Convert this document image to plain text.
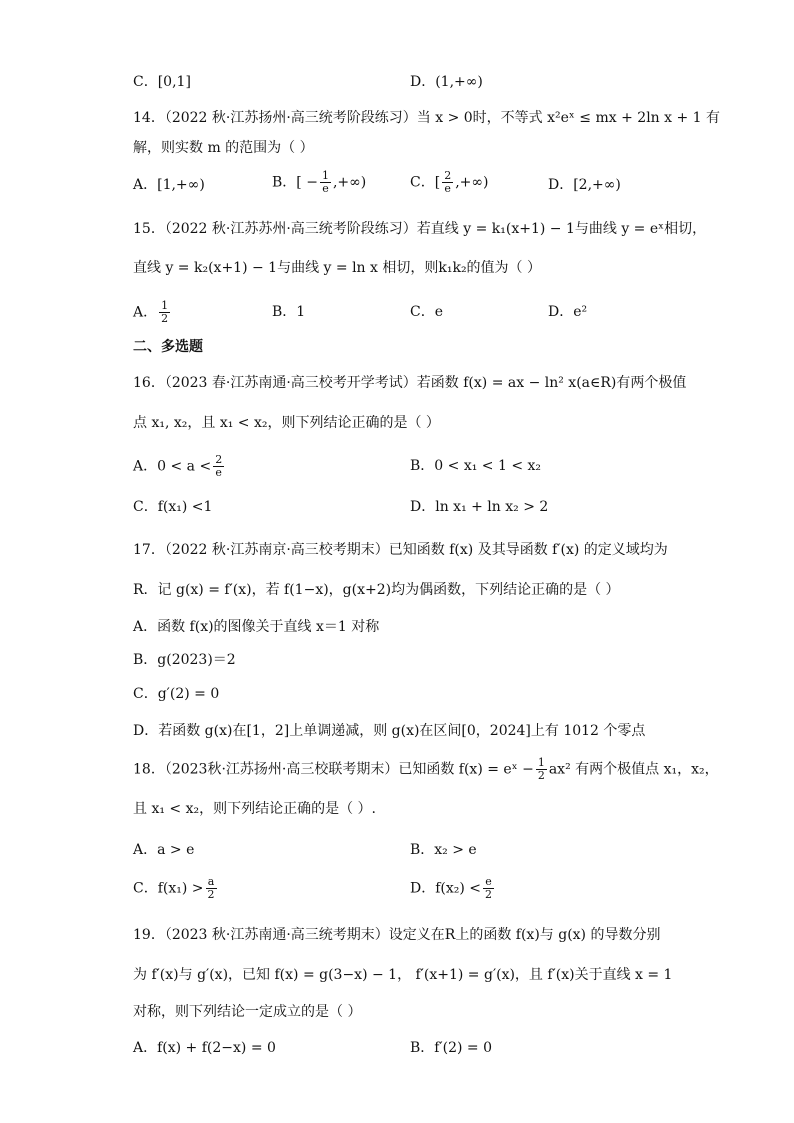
C．[0,1]	D．(1,+∞)
14．（2022 秋·江苏扬州·高三统考阶段练习）当 x > 0时，不等式 x²eˣ ≤ mx + 2ln x + 1 有
解，则实数 m 的范围为（ ）
A．[1,+∞)	B．[ − $\frac{1}{e}$ ,+∞)	C．[ $\frac{2}{e}$ ,+∞)	D．[2,+∞)
15．（2022 秋·江苏苏州·高三统考阶段练习）若直线 y = k₁(x+1) − 1与曲线 y = eˣ相切，
直线 y = k₂(x+1) − 1与曲线 y = ln x 相切，则k₁k₂的值为（ ）
A． $\frac{1}{2}$	B．1	C．e	D．e²
二、多选题
16．（2023 春·江苏南通·高三校考开学考试）若函数 f(x) = ax − ln² x(a∈R)有两个极值
点 x₁, x₂，且 x₁ < x₂，则下列结论正确的是（ ）
A．$0 < a < \frac{2}{e}$	B．0 < x₁ < 1 < x₂
C．f(x₁) <1	D．ln x₁ + ln x₂ > 2
17．（2022 秋·江苏南京·高三校考期末）已知函数 f(x) 及其导函数 f′(x) 的定义域均为
R．记 g(x) = f′(x)，若 f(1−x)，g(x+2)均为偶函数，下列结论正确的是（ ）
A．函数 f(x)的图像关于直线 x＝1 对称
B．g(2023)＝2
C．g′(2) = 0
D．若函数 g(x)在[1，2]上单调递减，则 g(x)在区间[0，2024]上有 1012 个零点
18．（2023秋·江苏扬州·高三校联考期末）已知函数 f(x) = eˣ − $\frac{1}{2} ax^2$ 有两个极值点 x₁，x₂，
且 x₁ < x₂，则下列结论正确的是（ ）.
A．a > e	B．x₂ > e
C．$f(x_1) > \frac{a}{2}$	D．$f(x_2) < \frac{e}{2}$
19．（2023 秋·江苏南通·高三统考期末）设定义在R上的函数 f(x)与 g(x) 的导数分别
为 f′(x)与 g′(x)，已知 f(x) = g(3−x) − 1， f′(x+1) = g′(x)，且 f′(x)关于直线 x = 1
对称，则下列结论一定成立的是（ ）
A．f(x) + f(2−x) = 0	B．f′(2) = 0
